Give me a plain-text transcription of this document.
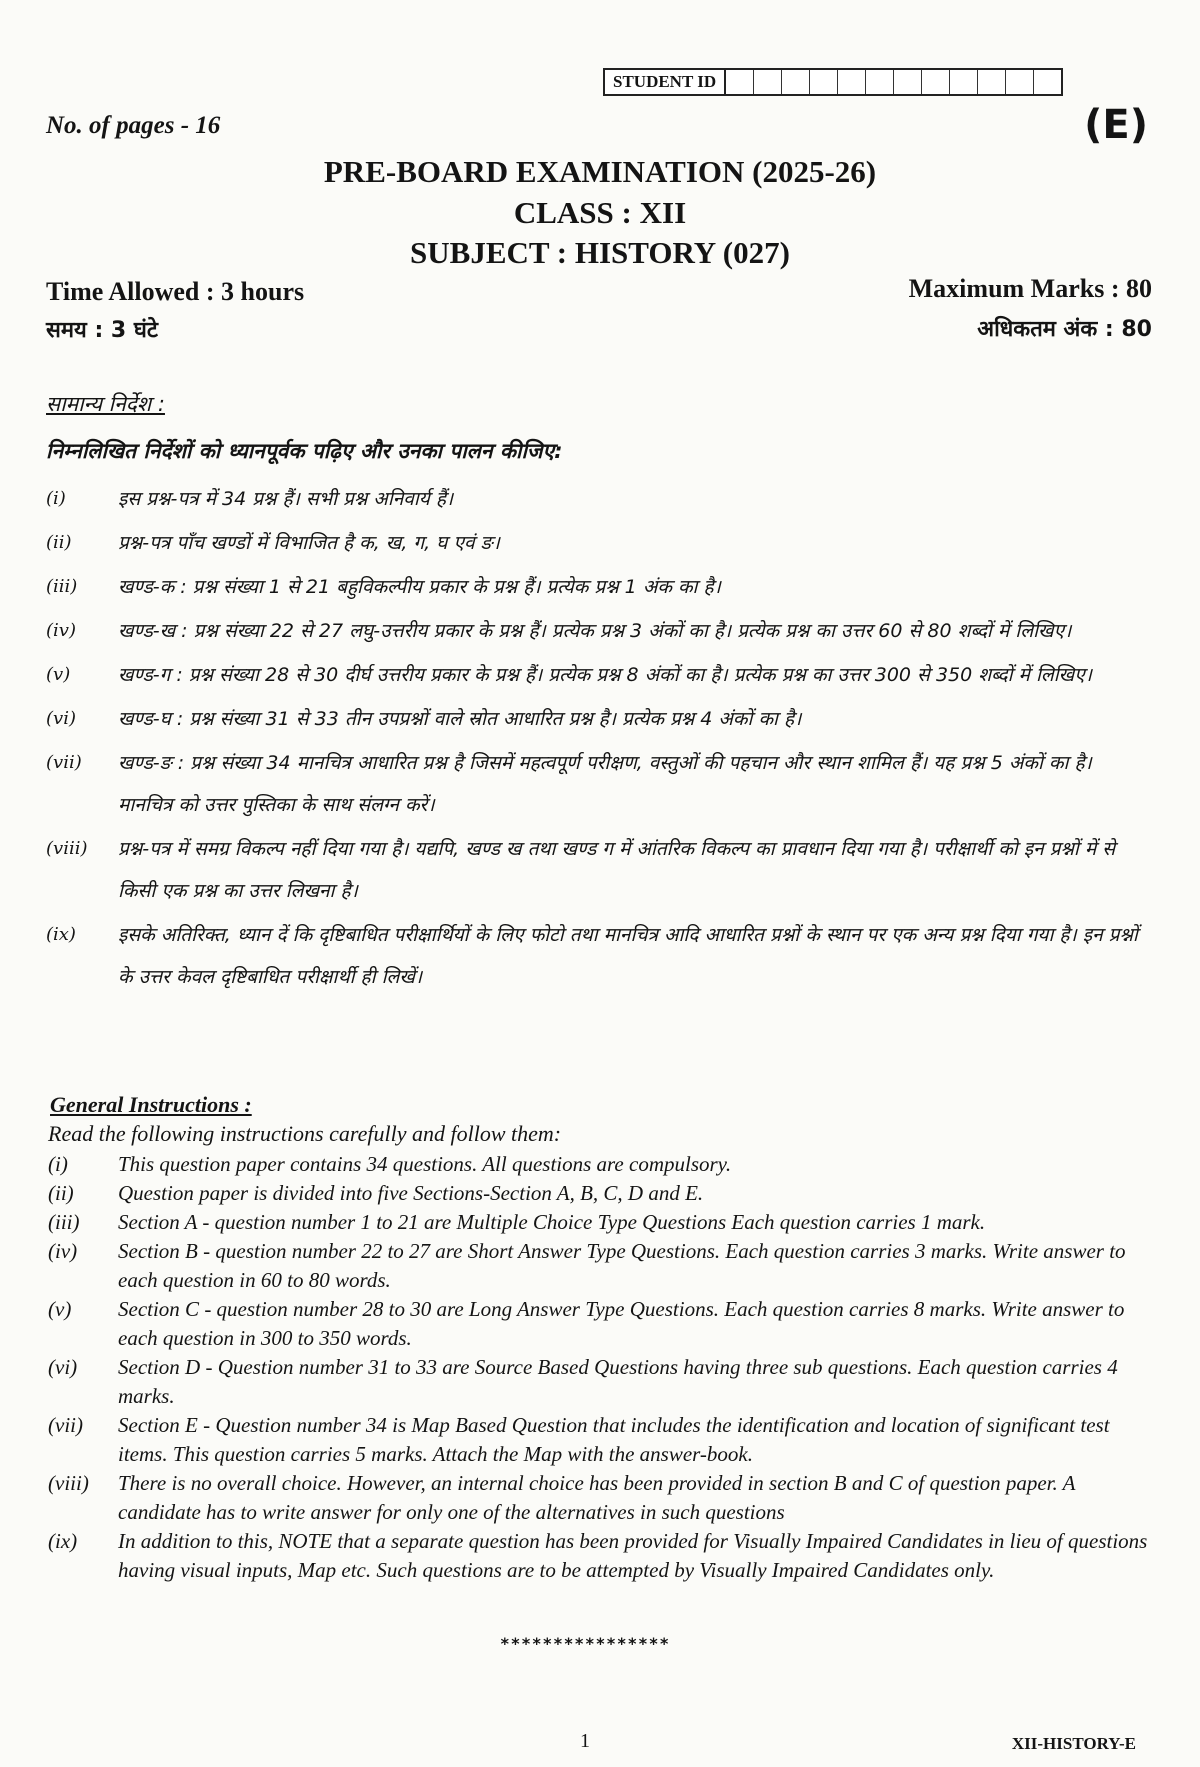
STUDENT ID
No. of pages - 16	(E)
PRE-BOARD EXAMINATION (2025-26)
CLASS : XII
SUBJECT : HISTORY (027)
Time Allowed : 3 hours
समय : 3 घंटे
Maximum Marks : 80
अधिकतम अंक : 80
सामान्य निर्देश :
निम्नलिखित निर्देशों को ध्यानपूर्वक पढ़िए और उनका पालन कीजिए:
(i)	इस प्रश्न-पत्र में 34 प्रश्न हैं। सभी प्रश्न अनिवार्य हैं।
(ii)	प्रश्न-पत्र पाँच खण्डों में विभाजित है क, ख, ग, घ एवं ङ।
(iii)	खण्ड-क : प्रश्न संख्या 1 से 21 बहुविकल्पीय प्रकार के प्रश्न हैं। प्रत्येक प्रश्न 1 अंक का है।
(iv)	खण्ड-ख : प्रश्न संख्या 22 से 27 लघु-उत्तरीय प्रकार के प्रश्न हैं। प्रत्येक प्रश्न 3 अंकों का है। प्रत्येक प्रश्न का उत्तर 60 से 80 शब्दों में लिखिए।
(v)	खण्ड-ग : प्रश्न संख्या 28 से 30 दीर्घ उत्तरीय प्रकार के प्रश्न हैं। प्रत्येक प्रश्न 8 अंकों का है। प्रत्येक प्रश्न का उत्तर 300 से 350 शब्दों में लिखिए।
(vi)	खण्ड-घ : प्रश्न संख्या 31 से 33 तीन उपप्रश्नों वाले स्रोत आधारित प्रश्न है। प्रत्येक प्रश्न 4 अंकों का है।
(vii)	खण्ड-ङ : प्रश्न संख्या 34 मानचित्र आधारित प्रश्न है जिसमें महत्वपूर्ण परीक्षण, वस्तुओं की पहचान और स्थान शामिल हैं। यह प्रश्न 5 अंकों का है। मानचित्र को उत्तर पुस्तिका के साथ संलग्न करें।
(viii)	प्रश्न-पत्र में समग्र विकल्प नहीं दिया गया है। यद्यपि, खण्ड ख तथा खण्ड ग में आंतरिक विकल्प का प्रावधान दिया गया है। परीक्षार्थी को इन प्रश्नों में से किसी एक प्रश्न का उत्तर लिखना है।
(ix)	इसके अतिरिक्त, ध्यान दें कि दृष्टिबाधित परीक्षार्थियों के लिए फोटो तथा मानचित्र आदि आधारित प्रश्नों के स्थान पर एक अन्य प्रश्न दिया गया है। इन प्रश्नों के उत्तर केवल दृष्टिबाधित परीक्षार्थी ही लिखें।
General Instructions :
Read the following instructions carefully and follow them:
(i)	This question paper contains 34 questions. All questions are compulsory.
(ii)	Question paper is divided into five Sections-Section A, B, C, D and E.
(iii)	Section A - question number 1 to 21 are Multiple Choice Type Questions Each question carries 1 mark.
(iv)	Section B - question number 22 to 27 are Short Answer Type Questions. Each question carries 3 marks. Write answer to each question in 60 to 80 words.
(v)	Section C - question number 28 to 30 are Long Answer Type Questions. Each question carries 8 marks. Write answer to each question in 300 to 350 words.
(vi)	Section D - Question number 31 to 33 are Source Based Questions having three sub questions. Each question carries 4 marks.
(vii)	Section E - Question number 34 is Map Based Question that includes the identification and location of significant test items. This question carries 5 marks. Attach the Map with the answer-book.
(viii)	There is no overall choice. However, an internal choice has been provided in section B and C of question paper. A candidate has to write answer for only one of the alternatives in such questions
(ix)	In addition to this, NOTE that a separate question has been provided for Visually Impaired Candidates in lieu of questions having visual inputs, Map etc. Such questions are to be attempted by Visually Impaired Candidates only.
****************
1	XII-HISTORY-E
